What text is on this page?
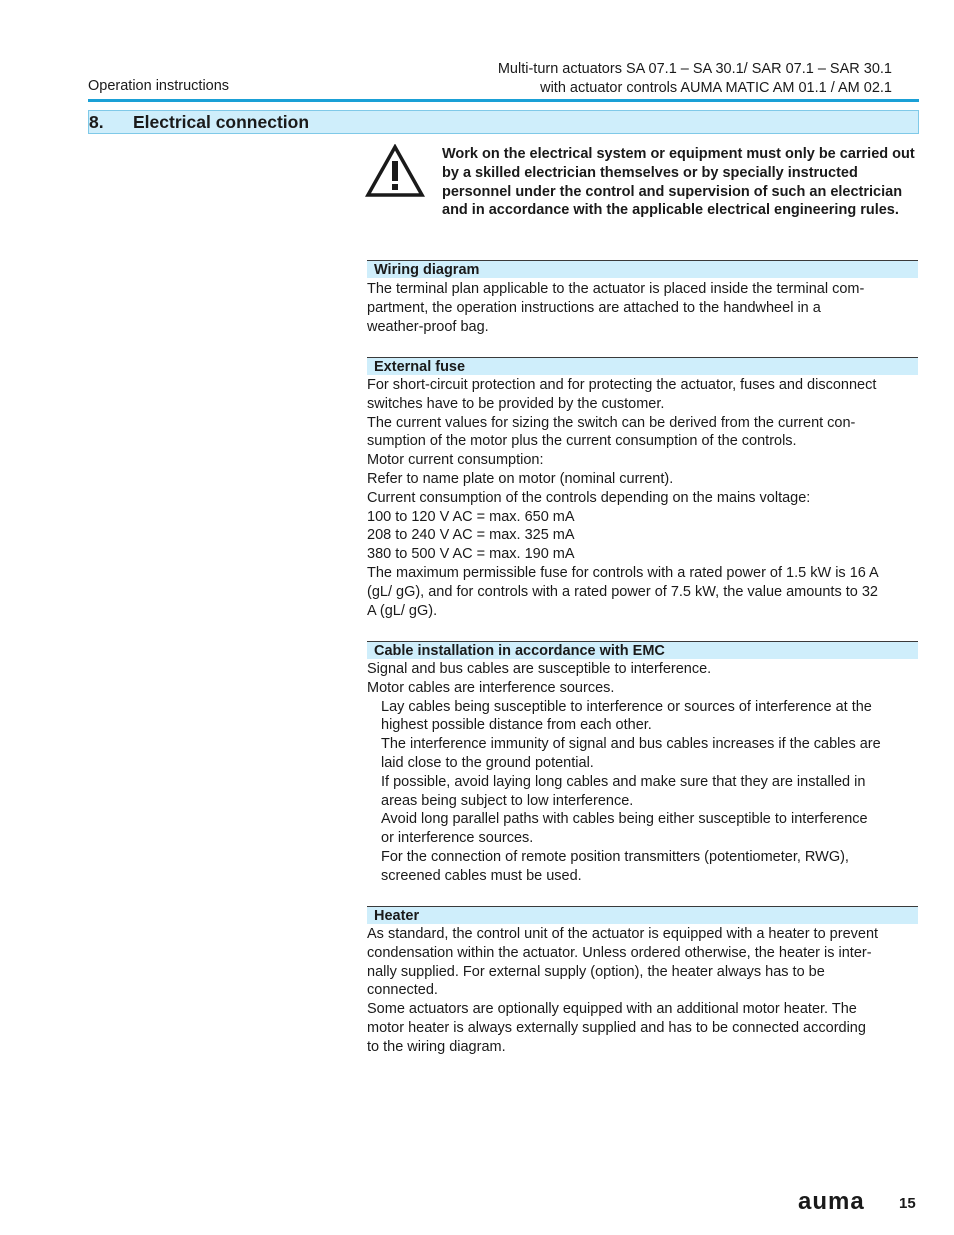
Operation instructions
Multi-turn actuators SA 07.1 – SA 30.1/ SAR 07.1 – SAR 30.1
with actuator controls AUMA MATIC AM 01.1 / AM 02.1
8. Electrical connection
Work on the electrical system or equipment must only be carried out by a skilled electrician themselves or by specially instructed personnel under the control and supervision of such an electrician and in accordance with the applicable electrical engineering rules.
Wiring diagram

The terminal plan applicable to the actuator is placed inside the terminal com-

partment, the operation instructions are attached to the handwheel in a

weather-proof bag.

External fuse

For short-circuit protection and for protecting the actuator, fuses and disconnect

switches have to be provided by the customer.

The current values for sizing the switch can be derived from the current con-

sumption of the motor plus the current consumption of the controls.

Motor current consumption:

Refer to name plate on motor (nominal current).

Current consumption of the controls depending on the mains voltage:

100 to 120 V AC = max. 650 mA

208 to 240 V AC = max. 325 mA

380 to 500 V AC = max. 190 mA

The maximum permissible fuse for controls with a rated power of 1.5 kW is 16 A

(gL/ gG), and for controls with a rated power of 7.5 kW, the value amounts to 32

A (gL/ gG).

Cable installation in accordance with EMC

Signal and bus cables are susceptible to interference.

Motor cables are interference sources.

Lay cables being susceptible to interference or sources of interference at the

highest possible distance from each other.

The interference immunity of signal and bus cables increases if the cables are

laid close to the ground potential.

If possible, avoid laying long cables and make sure that they are installed in

areas being subject to low interference.

Avoid long parallel paths with cables being either susceptible to interference

or interference sources.

For the connection of remote position transmitters (potentiometer, RWG),

screened cables must be used.

Heater

As standard, the control unit of the actuator is equipped with a heater to prevent

condensation within the actuator. Unless ordered otherwise, the heater is inter-

nally supplied. For external supply (option), the heater always has to be

connected.

Some actuators are optionally equipped with an additional motor heater. The

motor heater is always externally supplied and has to be connected according

to the wiring diagram.

auma 15
